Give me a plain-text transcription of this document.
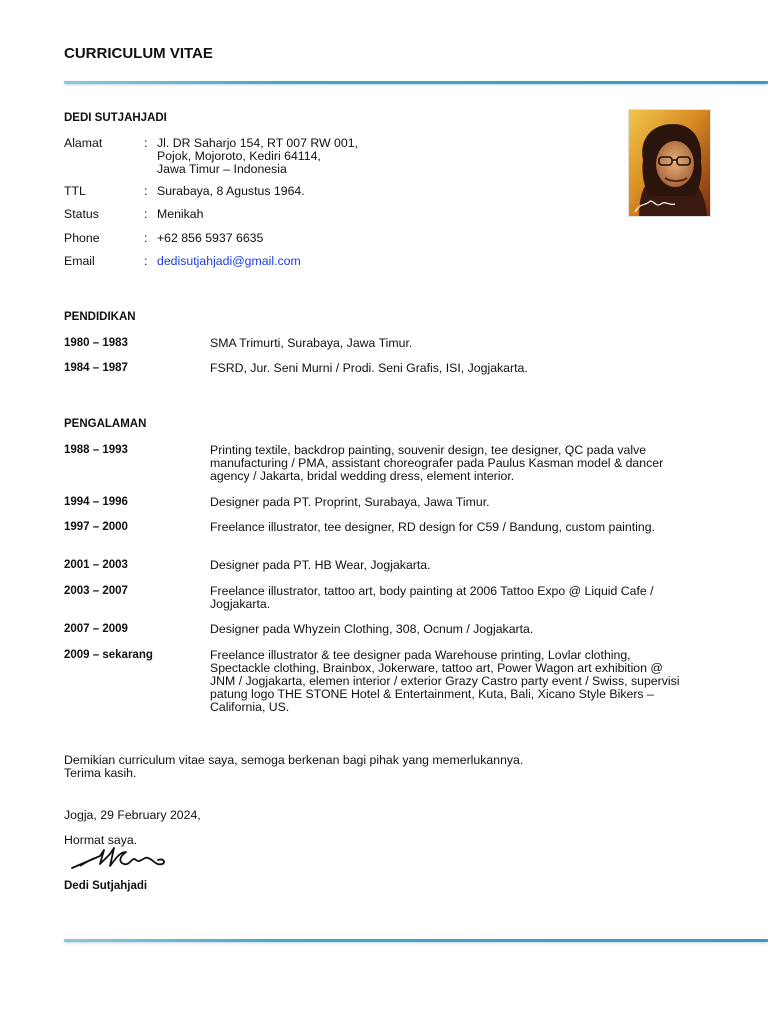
CURRICULUM VITAE
DEDI SUTJAHJADI
Alamat	: Jl. DR Saharjo 154, RT 007 RW 001,
Pojok, Mojoroto, Kediri 64114,
Jawa Timur – Indonesia
TTL	: Surabaya, 8 Agustus 1964.
Status	: Menikah
Phone	: +62 856 5937 6635
Email	: dedisutjahjadi@gmail.com
PENDIDIKAN
1980 – 1983	SMA Trimurti, Surabaya, Jawa Timur.
1984 – 1987	FSRD, Jur. Seni Murni / Prodi. Seni Grafis, ISI, Jogjakarta.
PENGALAMAN
1988 – 1993	Printing textile, backdrop painting, souvenir design, tee designer, QC pada valve manufacturing / PMA, assistant choreografer pada Paulus Kasman model & dancer agency / Jakarta, bridal wedding dress, element interior.
1994 – 1996	Designer pada PT. Proprint, Surabaya, Jawa Timur.
1997 – 2000	Freelance illustrator, tee designer, RD design for C59 / Bandung, custom painting.
2001 – 2003	Designer pada PT. HB Wear, Jogjakarta.
2003 – 2007	Freelance illustrator, tattoo art, body painting at 2006 Tattoo Expo @ Liquid Cafe / Jogjakarta.
2007 – 2009	Designer pada Whyzein Clothing, 308, Ocnum / Jogjakarta.
2009 – sekarang	Freelance illustrator & tee designer pada Warehouse printing, Lovlar clothing, Spectackle clothing, Brainbox, Jokerware, tattoo art, Power Wagon art exhibition @ JNM / Jogjakarta, elemen interior / exterior Grazy Castro party event / Swiss, supervisi patung logo THE STONE Hotel & Entertainment, Kuta, Bali, Xicano Style Bikers – California, US.
Demikian curriculum vitae saya, semoga berkenan bagi pihak yang memerlukannya.
Terima kasih.
Jogja, 29 February 2024,
Hormat saya.
Dedi Sutjahjadi
